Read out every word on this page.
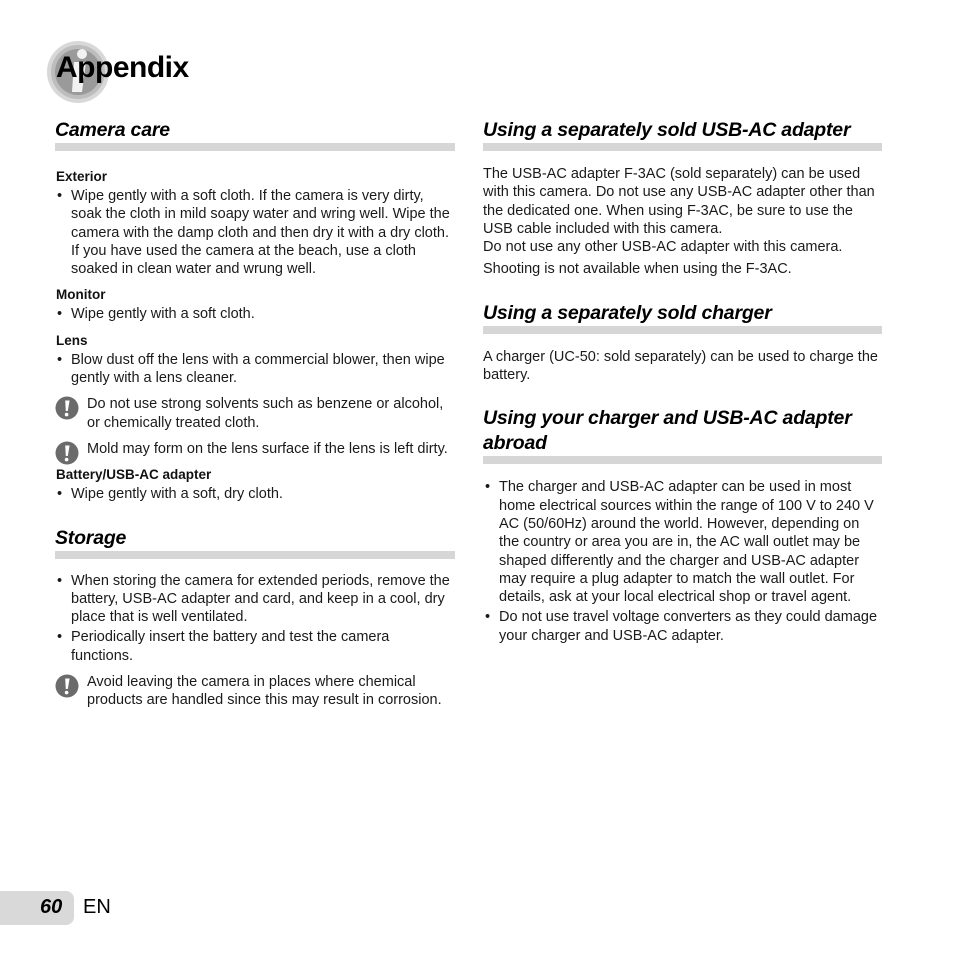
Appendix
Camera care
Exterior
• Wipe gently with a soft cloth. If the camera is very dirty, soak the cloth in mild soapy water and wring well. Wipe the camera with the damp cloth and then dry it with a dry cloth. If you have used the camera at the beach, use a cloth soaked in clean water and wrung well.
Monitor
• Wipe gently with a soft cloth.
Lens
• Blow dust off the lens with a commercial blower, then wipe gently with a lens cleaner.
Do not use strong solvents such as benzene or alcohol, or chemically treated cloth.
Mold may form on the lens surface if the lens is left dirty.
Battery/USB-AC adapter
• Wipe gently with a soft, dry cloth.
Storage
• When storing the camera for extended periods, remove the battery, USB-AC adapter and card, and keep in a cool, dry place that is well ventilated.
• Periodically insert the battery and test the camera functions.
Avoid leaving the camera in places where chemical products are handled since this may result in corrosion.
Using a separately sold USB-AC adapter

The USB-AC adapter F-3AC (sold separately) can be used with this camera. Do not use any USB-AC adapter other than the dedicated one. When using F-3AC, be sure to use the USB cable included with this camera.

Do not use any other USB-AC adapter with this camera.

Shooting is not available when using the F-3AC.

Using a separately sold charger

A charger (UC-50: sold separately) can be used to charge the battery.

Using your charger and USB-AC adapter abroad
• The charger and USB-AC adapter can be used in most home electrical sources within the range of 100 V to 240 V AC (50/60Hz) around the world. However, depending on the country or area you are in, the AC wall outlet may be shaped differently and the charger and USB-AC adapter may require a plug adapter to match the wall outlet. For details, ask at your local electrical shop or travel agent.
• Do not use travel voltage converters as they could damage your charger and USB-AC adapter.
60 EN
